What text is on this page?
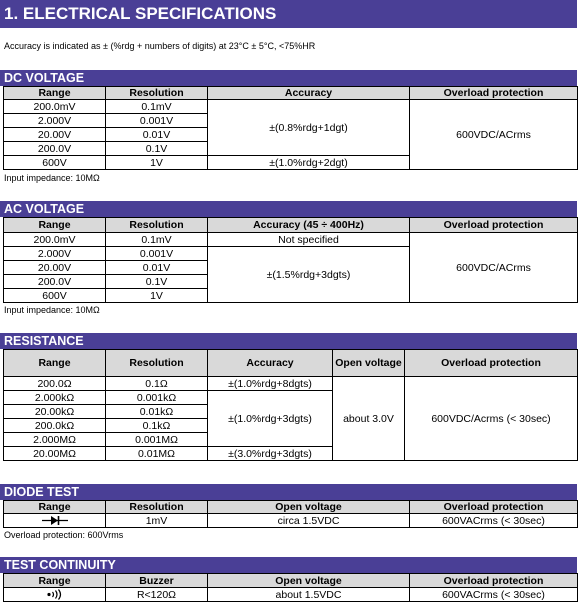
1. ELECTRICAL SPECIFICATIONS
Accuracy is indicated as ± (%rdg + numbers of digits) at 23°C ± 5°C, <75%HR
DC VOLTAGE
Range	Resolution	Accuracy	Overload protection
200.0mV	0.1mV	±(0.8%rdg+1dgt)	600VDC/ACrms
2.000V	0.001V		
20.00V	0.01V		
200.0V	0.1V		
600V	1V	±(1.0%rdg+2dgt)	
Input impedance: 10MΩ
AC VOLTAGE
Range	Resolution	Accuracy (45 ÷ 400Hz)	Overload protection
200.0mV	0.1mV	Not specified	600VDC/ACrms
2.000V	0.001V	±(1.5%rdg+3dgts)	
20.00V	0.01V		
200.0V	0.1V		
600V	1V		
Input impedance: 10MΩ
RESISTANCE
Range	Resolution	Accuracy	Open voltage	Overload protection
200.0Ω	0.1Ω	±(1.0%rdg+8dgts)	about 3.0V	600VDC/Acrms (< 30sec)
2.000kΩ	0.001kΩ	±(1.0%rdg+3dgts)		
20.00kΩ	0.01kΩ			
200.0kΩ	0.1kΩ			
2.000MΩ	0.001MΩ			
20.00MΩ	0.01MΩ	±(3.0%rdg+3dgts)		
DIODE TEST
Range	Resolution	Open voltage	Overload protection
	1mV	circa 1.5VDC	600VACrms (< 30sec)
Overload protection: 600Vrms
TEST CONTINUITY
Range	Buzzer	Open voltage	Overload protection
	R<120Ω	about 1.5VDC	600VACrms (< 30sec)
